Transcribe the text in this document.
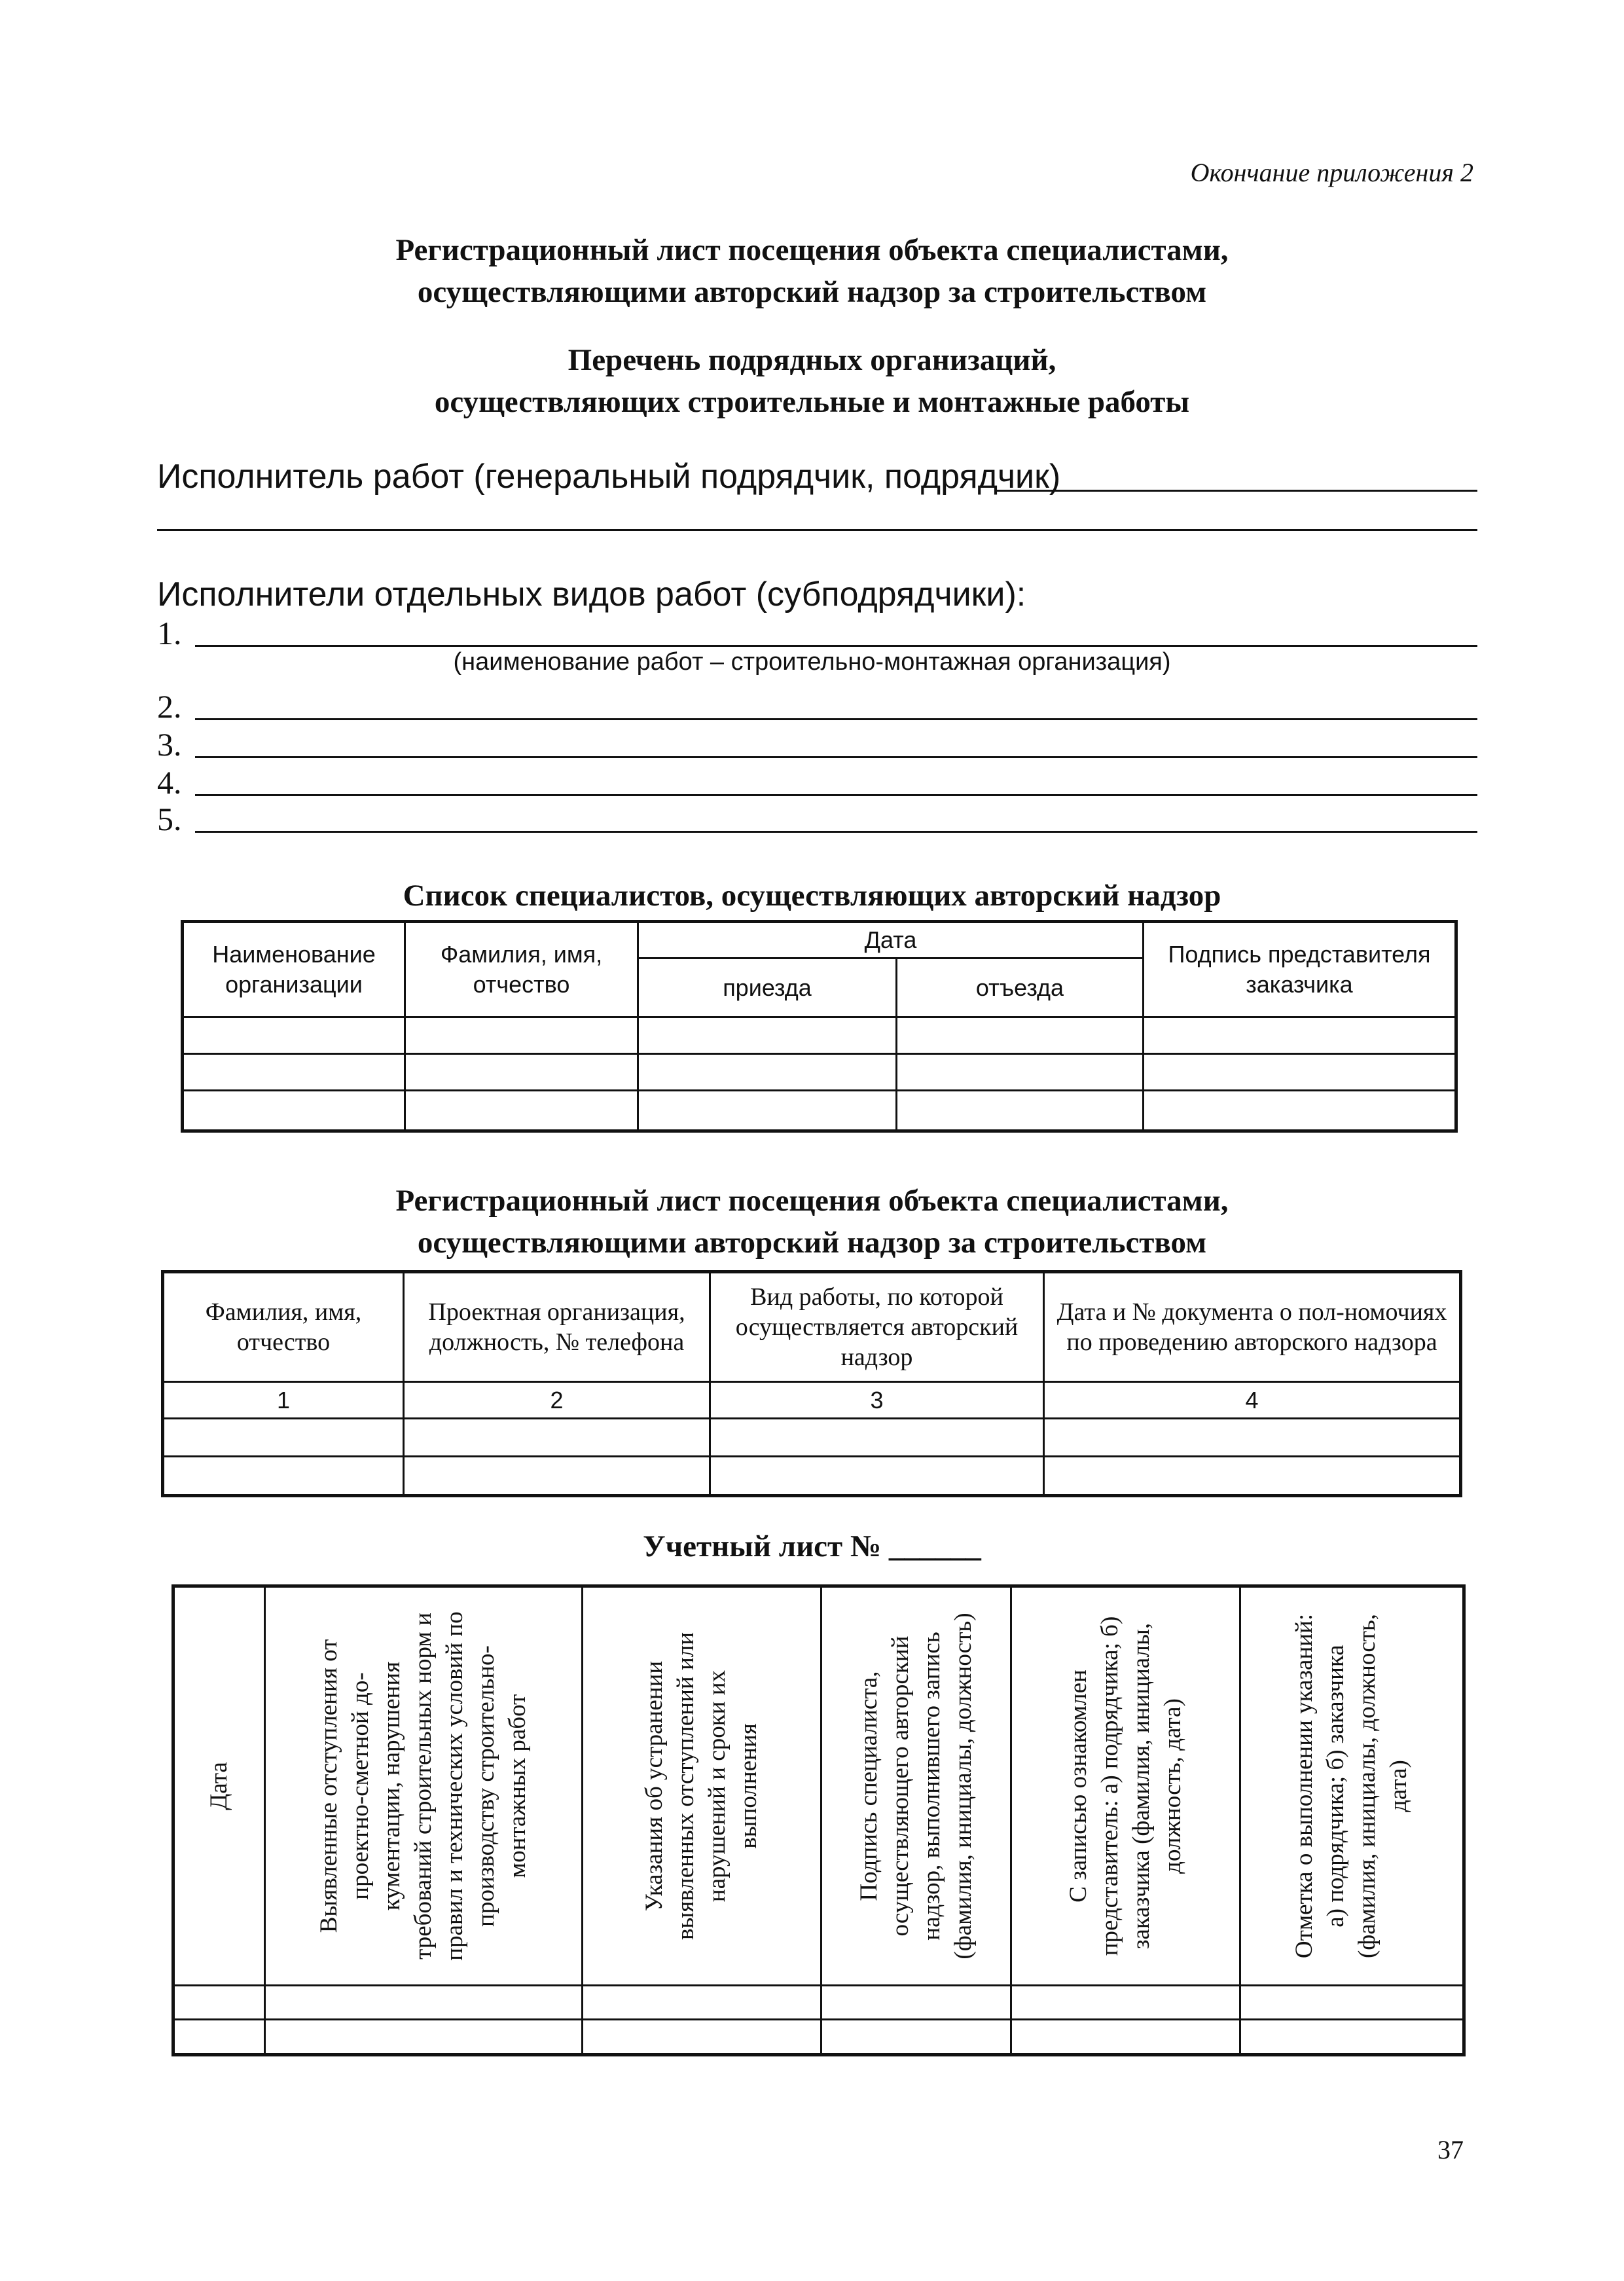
Окончание приложения 2
Регистрационный лист посещения объекта специалистами,
осуществляющими авторский надзор за строительством
Перечень подрядных организаций,
осуществляющих строительные и монтажные работы
Исполнитель работ (генеральный подрядчик, подрядчик)
Исполнители отдельных видов работ (субподрядчики):
1.
(наименование работ – строительно-монтажная организация)
2.
3.
4.
5.
Список специалистов, осуществляющих авторский надзор
Наименование организации	Фамилия, имя, отчество	Дата		Подпись представителя заказчика
		приезда	отъезда	

Регистрационный лист посещения объекта специалистами,
осуществляющими авторский надзор за строительством
Фамилия, имя, отчество	Проектная организация, должность, № телефона	Вид работы, по которой осуществляется авторский надзор	Дата и № документа о пол-номочиях по проведению авторского надзора
1	2	3	4

Учетный лист № ______
Дата	Выявленные отступления от проектно-сметной до-кументации, нарушения требований строительных норм и правил и технических условий по производству строительно-монтажных работ	Указания об устранении выявленных отступлений или нарушений и сроки их выполнения	Подпись специалиста, осуществляющего авторский надзор, выполнившего запись (фамилия, инициалы, должность)	С записью ознакомлен представитель: а) подрядчика; б) заказчика (фамилия, инициалы, должность, дата)	Отметка о выполнении указаний: а) подрядчика; б) заказчика (фамилия, инициалы, должность, дата)

37
